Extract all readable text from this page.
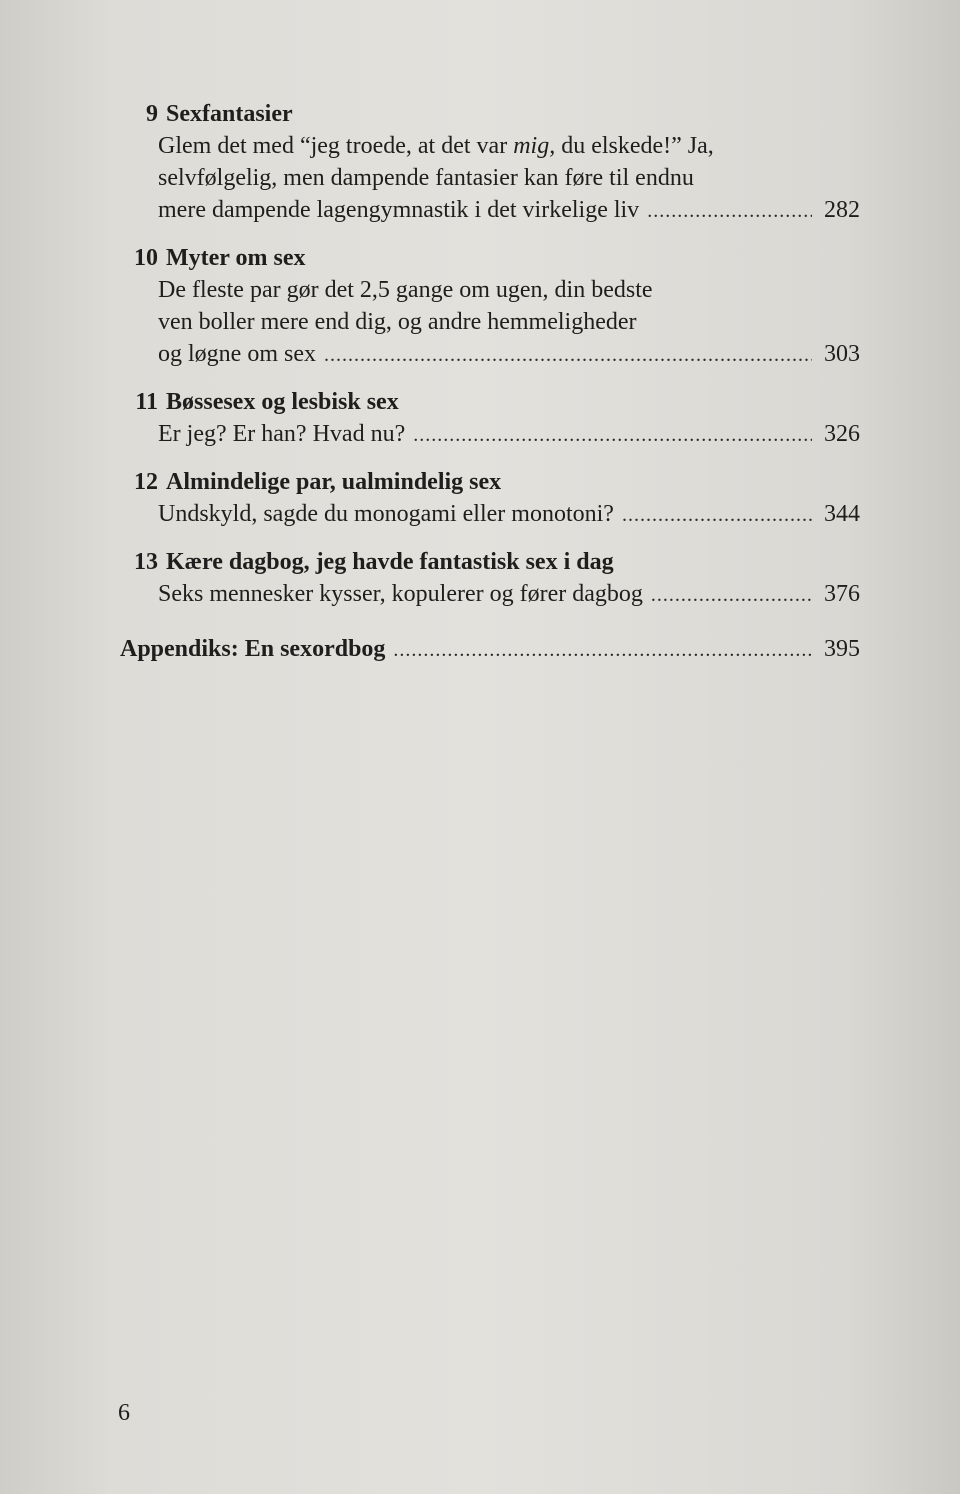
9 Sexfantasier
Glem det med “jeg troede, at det var mig, du elskede!” Ja,
selvfølgelig, men dampende fantasier kan føre til endnu
mere dampende lagengymnastik i det virkelige liv . . .	282
10 Myter om sex
De fleste par gør det 2,5 gange om ugen, din bedste
ven boller mere end dig, og andre hemmeligheder
og løgne om sex . . .	303
11 Bøssesex og lesbisk sex
Er jeg? Er han? Hvad nu? . . .	326
12 Almindelige par, ualmindelig sex
Undskyld, sagde du monogami eller monotoni? . . .	344
13 Kære dagbog, jeg havde fantastisk sex i dag
Seks mennesker kysser, kopulerer og fører dagbog . . .	376
Appendiks: En sexordbog . . .	395
6
